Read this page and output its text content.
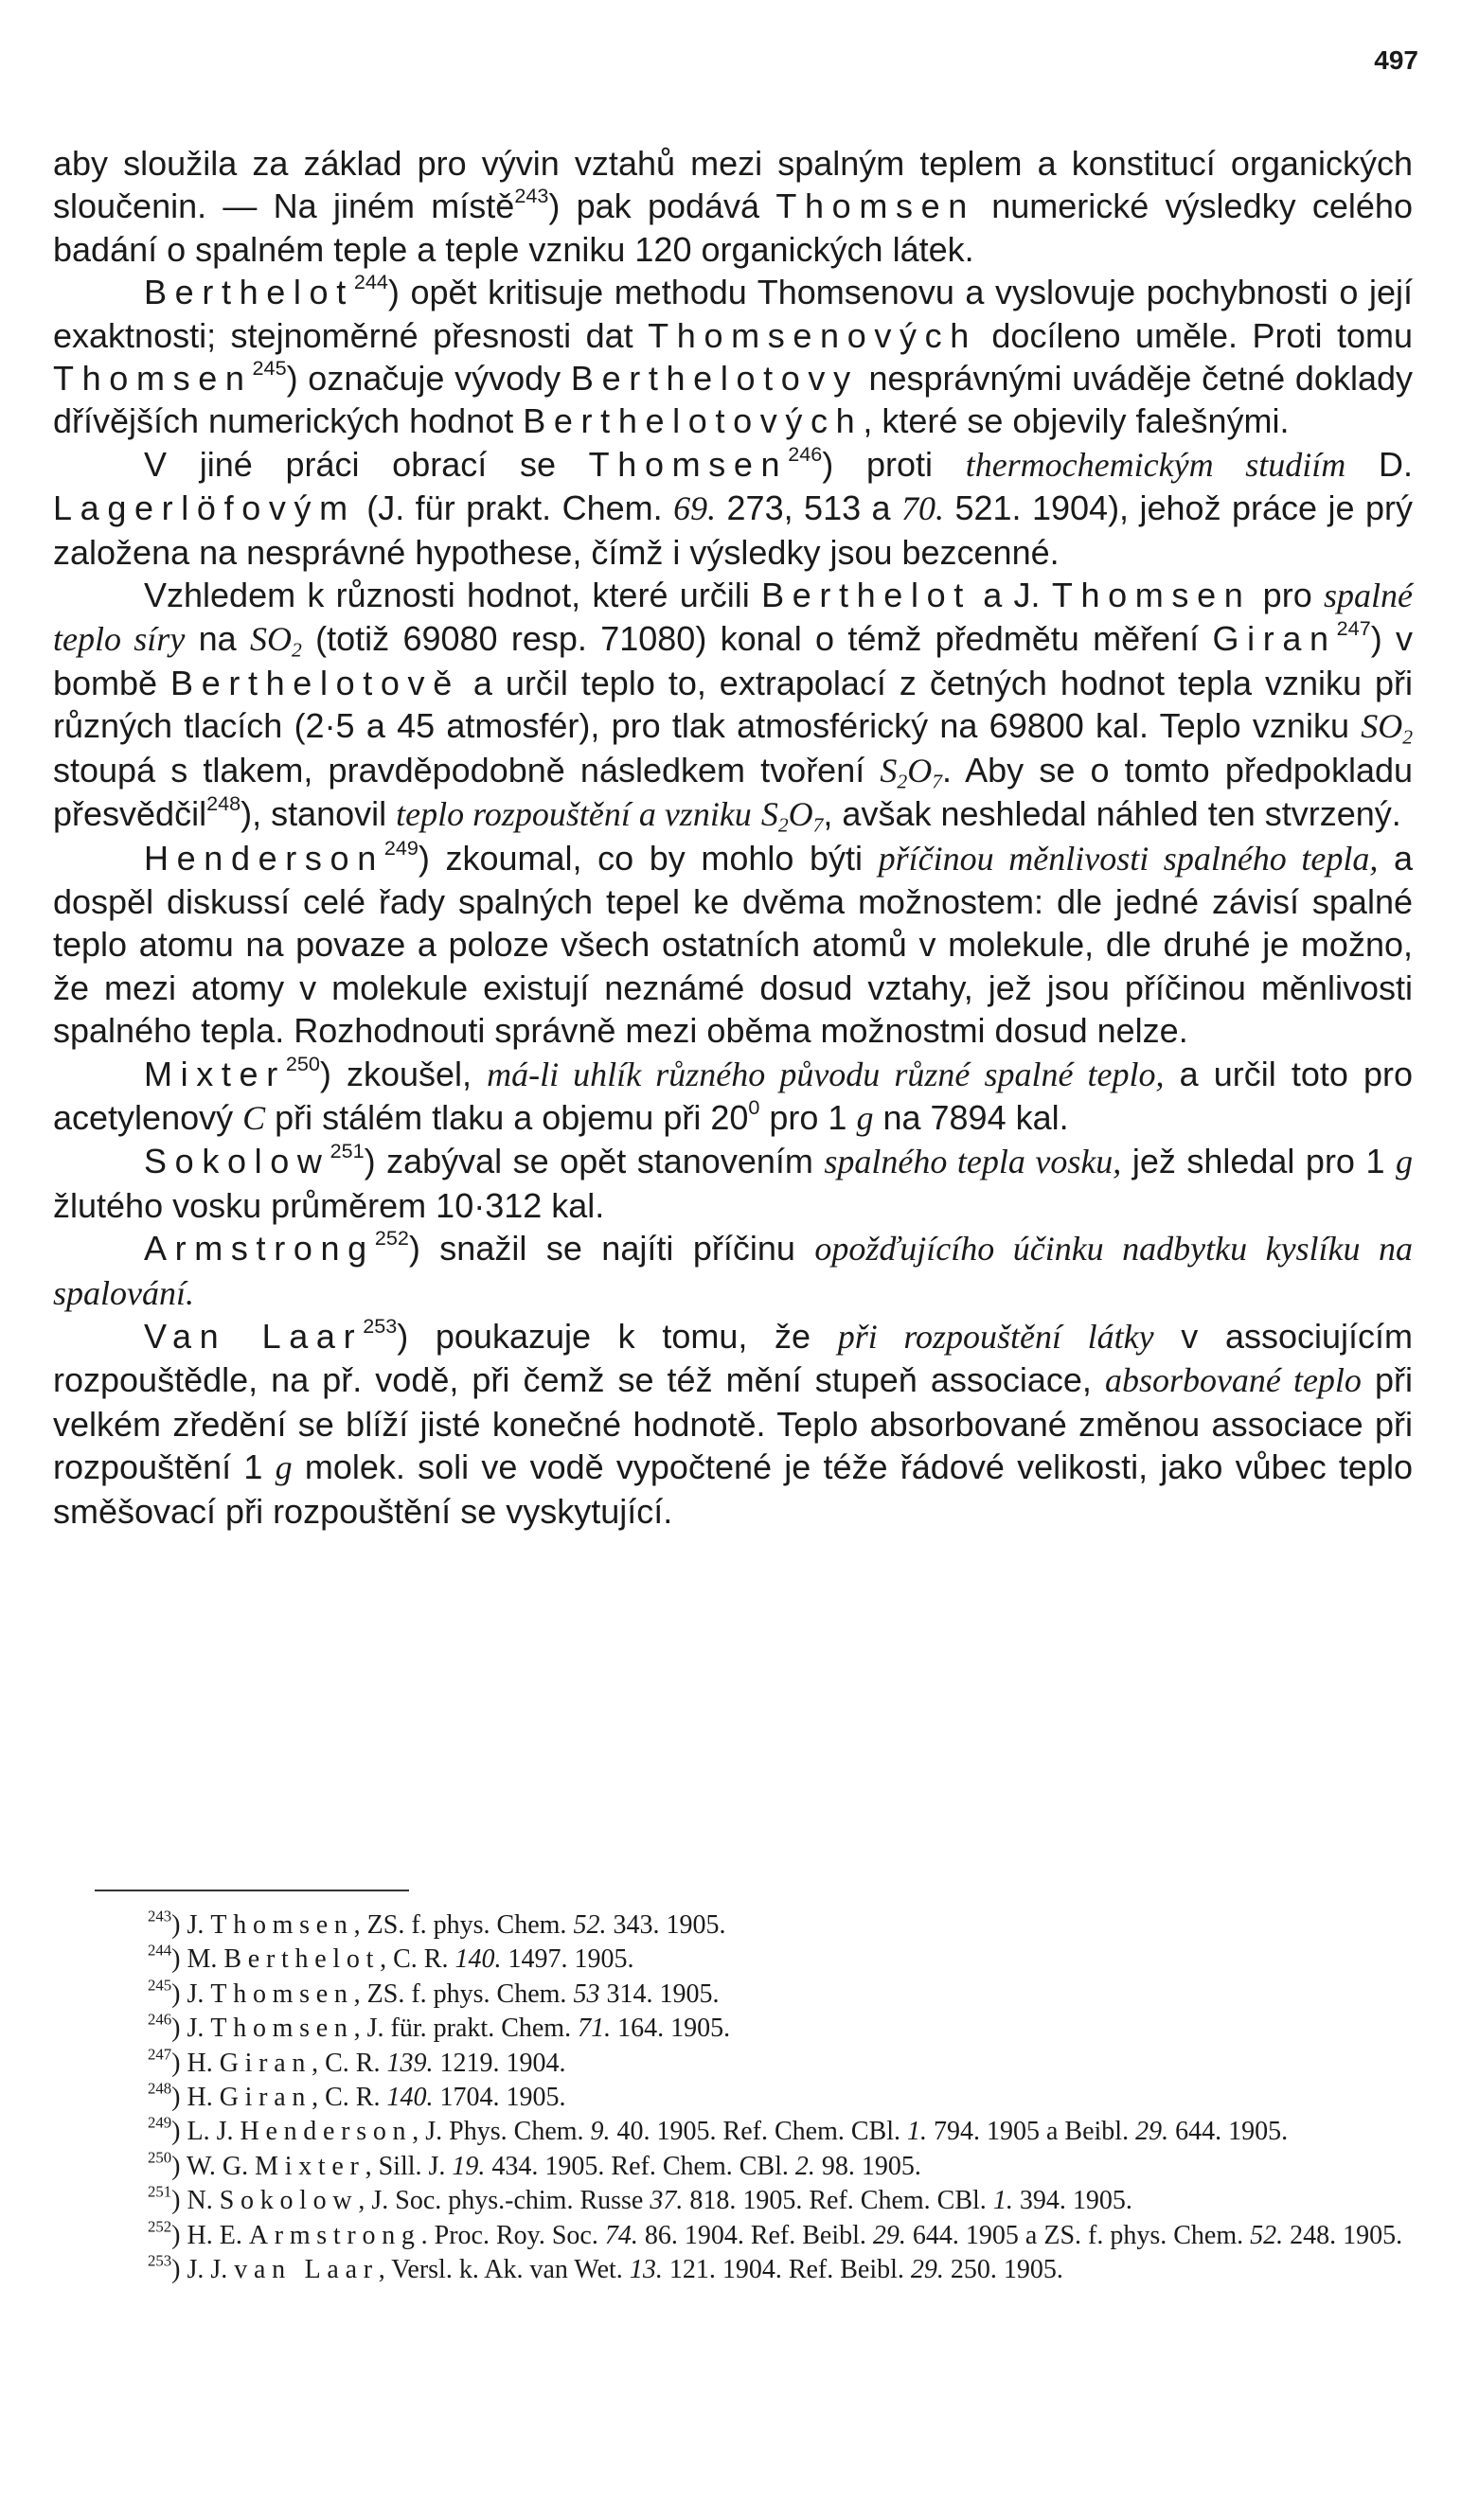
497

aby sloužila za základ pro vývin vztahů mezi spalným teplem a konstitucí organických sloučenin. — Na jiném místě$^{243}$) pak podává Thomsen numerické výsledky celého badání o spalném teple a teple vzniku 120 organických látek.

Berthelot$^{244}$) opět kritisuje methodu Thomsenovu a vyslovuje pochybnosti o její exaktnosti; stejnoměrné přesnosti dat Thomsenových docíleno uměle. Proti tomu Thomsen$^{245}$) označuje vývody Berthelotovy nesprávnými uváděje četné doklady dřívějších numerických hodnot Berthelotových, které se objevily falešnými.

V jiné práci obrací se Thomsen$^{246}$) proti thermochemickým studiím D. Lagerlöfovým (J. für prakt. Chem. 69. 273, 513 a 70. 521. 1904), jehož práce je prý založena na nesprávné hypothese, čímž i výsledky jsou bezcenné.

Vzhledem k různosti hodnot, které určili Berthelot a J. Thomsen pro spalné teplo síry na $SO_2$ (totiž 69080 resp. 71080) konal o témž předmětu měření Giran$^{247}$) v bombě Berthelotově a určil teplo to, extrapolací z četných hodnot tepla vzniku při různých tlacích (2·5 a 45 atmosfér), pro tlak atmosférický na 69800 kal. Teplo vzniku $SO_2$ stoupá s tlakem, pravděpodobně následkem tvoření $S_2O_7$. Aby se o tomto předpokladu přesvědčil$^{248}$), stanovil teplo rozpouštění a vzniku $S_2O_7$, avšak neshledal náhled ten stvrzený.

Henderson$^{249}$) zkoumal, co by mohlo býti příčinou měnlivosti spalného tepla, a dospěl diskussí celé řady spalných tepel ke dvěma možnostem: dle jedné závisí spalné teplo atomu na povaze a poloze všech ostatních atomů v molekule, dle druhé je možno, že mezi atomy v molekule existují neznámé dosud vztahy, jež jsou příčinou měnlivosti spalného tepla. Rozhodnouti správně mezi oběma možnostmi dosud nelze.

Mixter$^{250}$) zkoušel, má-li uhlík různého původu různé spalné teplo, a určil toto pro acetylenový C při stálém tlaku a objemu při $20^0$ pro 1 g na 7894 kal.

Sokolow$^{251}$) zabýval se opět stanovením spalného tepla vosku, jež shledal pro 1 g žlutého vosku průměrem 10·312 kal.

Armstrong$^{252}$) snažil se najíti příčinu opožďujícího účinku nadbytku kyslíku na spalování.

Van Laar$^{253}$) poukazuje k tomu, že při rozpouštění látky v associujícím rozpouštědle, na př. vodě, při čemž se též mění stupeň associace, absorbované teplo při velkém zředění se blíží jisté konečné hodnotě. Teplo absorbované změnou associace při rozpouštění 1 g molek. soli ve vodě vypočtené je téže řádové velikosti, jako vůbec teplo směšovací při rozpouštění se vyskytující.

$^{243}$) J. Thomsen, ZS. f. phys. Chem. 52. 343. 1905.

$^{244}$) M. Berthelot, C. R. 140. 1497. 1905.

$^{245}$) J. Thomsen, ZS. f. phys. Chem. 53 314. 1905.

$^{246}$) J. Thomsen, J. für. prakt. Chem. 71. 164. 1905.

$^{247}$) H. Giran, C. R. 139. 1219. 1904.

$^{248}$) H. Giran, C. R. 140. 1704. 1905.

$^{249}$) L. J. Henderson, J. Phys. Chem. 9. 40. 1905. Ref. Chem. CBl. 1. 794. 1905 a Beibl. 29. 644. 1905.

$^{250}$) W. G. Mixter, Sill. J. 19. 434. 1905. Ref. Chem. CBl. 2. 98. 1905.

$^{251}$) N. Sokolow, J. Soc. phys.-chim. Russe 37. 818. 1905. Ref. Chem. CBl. 1. 394. 1905.

$^{252}$) H. E. Armstrong. Proc. Roy. Soc. 74. 86. 1904. Ref. Beibl. 29. 644. 1905 a ZS. f. phys. Chem. 52. 248. 1905.

$^{253}$) J. J. van Laar, Versl. k. Ak. van Wet. 13. 121. 1904. Ref. Beibl. 29. 250. 1905.
